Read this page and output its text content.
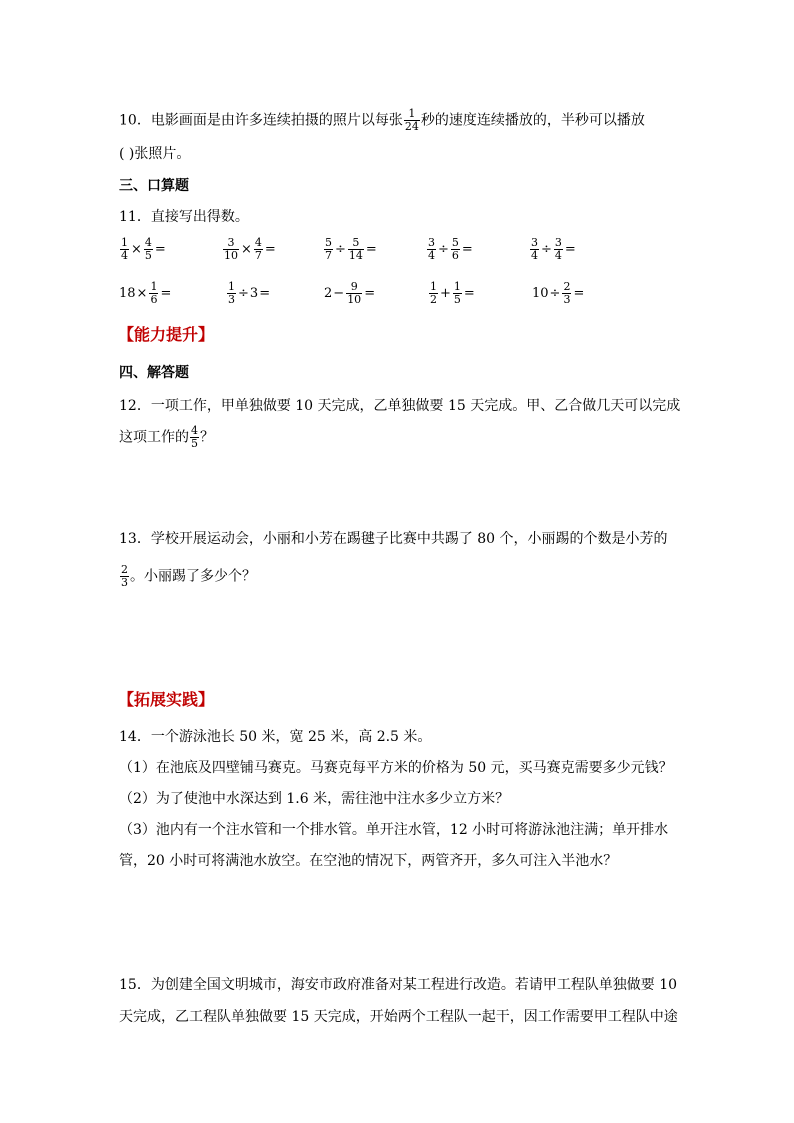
10．电影画面是由许多连续拍摄的照片以每张 $\frac{1}{24}$ 秒的速度连续播放的，半秒可以播放
( )张照片。
三、口算题
11．直接写出得数。
$\frac{1}{4} \times \frac{4}{5}$ =	$\frac{3}{10} \times \frac{4}{7}$ =	$\frac{5}{7} \div \frac{5}{14}$ =	$\frac{3}{4} \div \frac{5}{6}$ =	$\frac{3}{4} \div \frac{3}{4}$ =
$18 \times \frac{1}{6}$ =	$\frac{1}{3} \div 3$ =	$2 - \frac{9}{10}$ =	$\frac{1}{2} + \frac{1}{5}$ =	$10 \div \frac{2}{3}$ =
【能力提升】
四、解答题
12．一项工作，甲单独做要 10 天完成，乙单独做要 15 天完成。甲、乙合做几天可以完成
这项工作的 $\frac{4}{5}$ ？
13．学校开展运动会，小丽和小芳在踢毽子比赛中共踢了 80 个，小丽踢的个数是小芳的
$\frac{2}{3}$ 。小丽踢了多少个？
【拓展实践】
14．一个游泳池长 50 米，宽 25 米，高 2.5 米。
（1）在池底及四壁铺马赛克。马赛克每平方米的价格为 50 元，买马赛克需要多少元钱？
（2）为了使池中水深达到 1.6 米，需往池中注水多少立方米？
（3）池内有一个注水管和一个排水管。单开注水管，12 小时可将游泳池注满；单开排水
管，20 小时可将满池水放空。在空池的情况下，两管齐开，多久可注入半池水？
15．为创建全国文明城市，海安市政府准备对某工程进行改造。若请甲工程队单独做要 10
天完成，乙工程队单独做要 15 天完成，开始两个工程队一起干，因工作需要甲工程队中途
